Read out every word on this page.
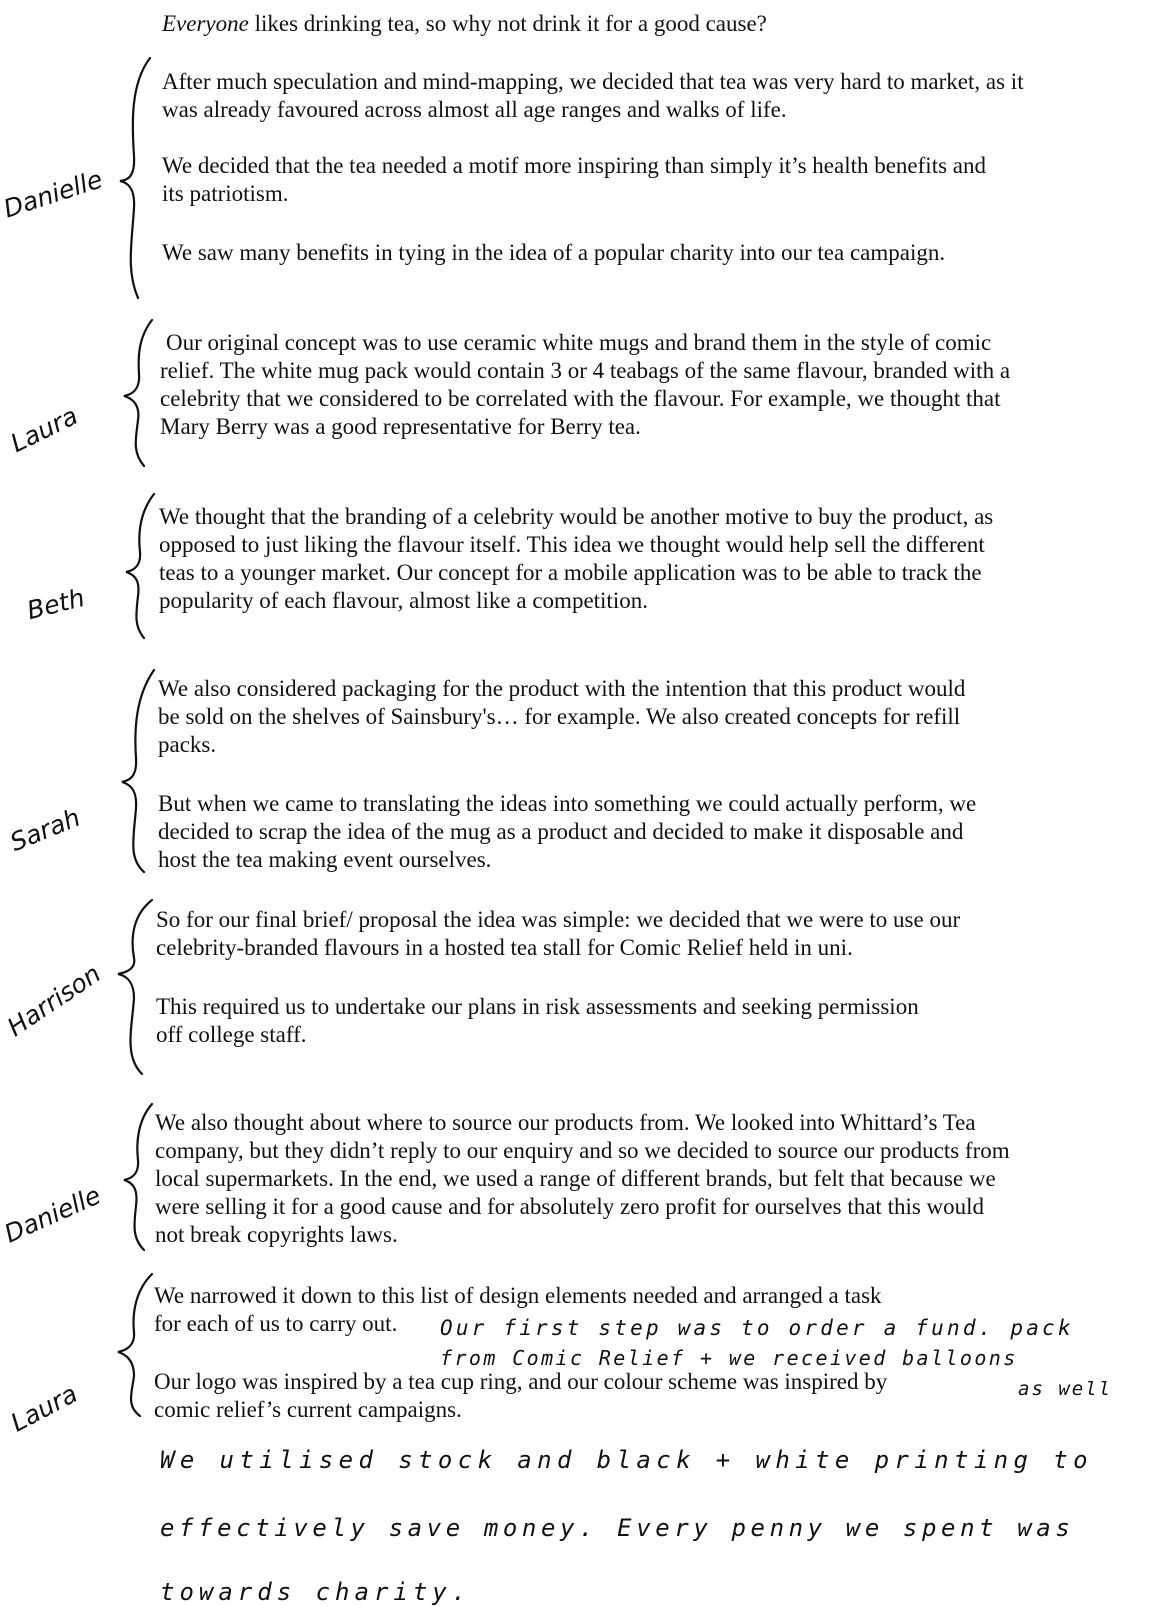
Everyone likes drinking tea, so why not drink it for a good cause?

After much speculation and mind-mapping, we decided that tea was very hard to market, as it was already favoured across almost all age ranges and walks of life.

We decided that the tea needed a motif more inspiring than simply it’s health benefits and its patriotism.

We saw many benefits in tying in the idea of a popular charity into our tea campaign.

Our original concept was to use ceramic white mugs and brand them in the style of comic relief. The white mug pack would contain 3 or 4 teabags of the same flavour, branded with a celebrity that we considered to be correlated with the flavour. For example, we thought that Mary Berry was a good representative for Berry tea.

We thought that the branding of a celebrity would be another motive to buy the product, as opposed to just liking the flavour itself. This idea we thought would help sell the different teas to a younger market. Our concept for a mobile application was to be able to track the popularity of each flavour, almost like a competition.

We also considered packaging for the product with the intention that this product would be sold on the shelves of Sainsbury's… for example. We also created concepts for refill packs.

But when we came to translating the ideas into something we could actually perform, we decided to scrap the idea of the mug as a product and decided to make it disposable and host the tea making event ourselves.

So for our final brief/ proposal the idea was simple: we decided that we were to use our celebrity-branded flavours in a hosted tea stall for Comic Relief held in uni.

This required us to undertake our plans in risk assessments and seeking permission off college staff.

We also thought about where to source our products from. We looked into Whittard’s Tea company, but they didn’t reply to our enquiry and so we decided to source our products from local supermarkets. In the end, we used a range of different brands, but felt that because we were selling it for a good cause and for absolutely zero profit for ourselves that this would not break copyrights laws.

We narrowed it down to this list of design elements needed and arranged a task

for each of us to carry out.

Our logo was inspired by a tea cup ring, and our colour scheme was inspired by

comic relief’s current campaigns.

Danielle
Laura
Beth
Sarah
Harrison
Danielle
Laura
Our first step was to order a fund. pack
from Comic Relief + we received balloons
as well
We utilised stock and black + white printing to
effectively save money. Every penny we spent was
towards charity.
